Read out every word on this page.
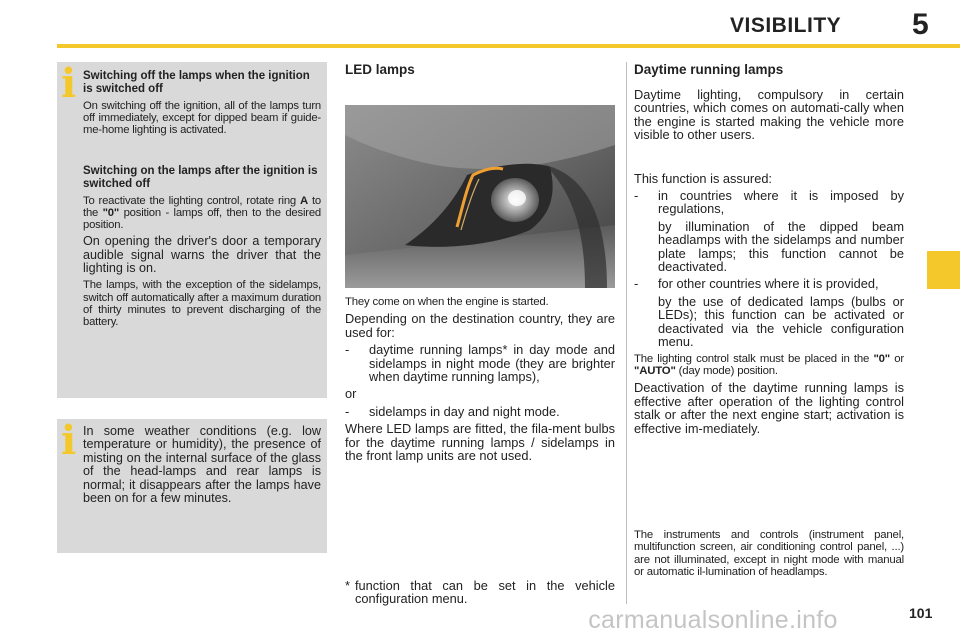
VISIBILITY 5
i Switching off the lamps when the ignition is switched off

On switching off the ignition, all of the lamps turn off immediately, except for dipped beam if guide-me-home lighting is activated.

Switching on the lamps after the ignition is switched off

To reactivate the lighting control, rotate ring A to the "0" position - lamps off, then to the desired position.

On opening the driver's door a temporary audible signal warns the driver that the lighting is on.

The lamps, with the exception of the sidelamps, switch off automatically after a maximum duration of thirty minutes to prevent discharging of the battery.

i In some weather conditions (e.g. low temperature or humidity), the presence of misting on the internal surface of the glass of the head-lamps and rear lamps is normal; it disappears after the lamps have been on for a few minutes.

LED lamps

They come on when the engine is started.

Depending on the destination country, they are used for:

-	daytime running lamps* in day mode and sidelamps in night mode (they are brighter when daytime running lamps),

or

-	sidelamps in day and night mode.

Where LED lamps are fitted, the fila-ment bulbs for the daytime running lamps / sidelamps in the front lamp units are not used.

* function that can be set in the vehicle configuration menu.

Daytime running lamps

Daytime lighting, compulsory in certain countries, which comes on automati-cally when the engine is started making the vehicle more visible to other users.

This function is assured:

-	in countries where it is imposed by regulations,

by illumination of the dipped beam headlamps with the sidelamps and number plate lamps; this function cannot be deactivated.

-	for other countries where it is provided,

by the use of dedicated lamps (bulbs or LEDs); this function can be activated or deactivated via the vehicle configuration menu.

The lighting control stalk must be placed in the "0" or "AUTO" (day mode) position.

Deactivation of the daytime running lamps is effective after operation of the lighting control stalk or after the next engine start; activation is effective im-mediately.

The instruments and controls (instrument panel, multifunction screen, air conditioning control panel, ...) are not illuminated, except in night mode with manual or automatic il-lumination of headlamps.

carmanualsonline.info	101
